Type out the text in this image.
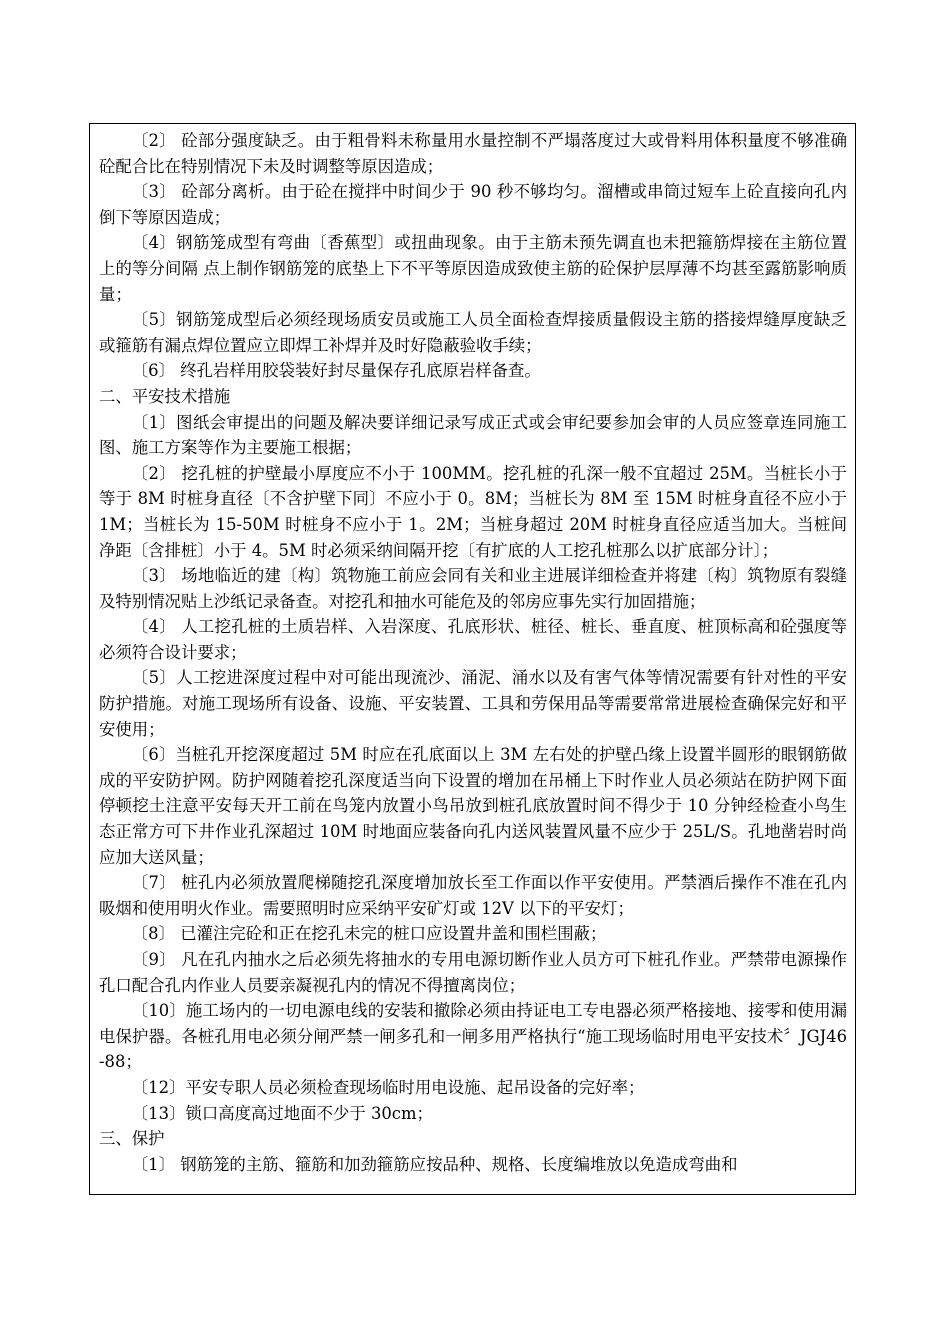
〔2〕 砼部分强度缺乏。由于粗骨料未称量用水量控制不严塌落度过大或骨料用体积量度不够准确砼配合比在特别情况下未及时调整等原因造成；

〔3〕 砼部分离析。由于砼在搅拌中时间少于 90 秒不够均匀。溜槽或串筒过短车上砼直接向孔内倒下等原因造成；

〔4〕钢筋笼成型有弯曲〔香蕉型〕或扭曲现象。由于主筋未预先调直也未把箍筋焊接在主筋位置上的等分间隔 点上制作钢筋笼的底垫上下不平等原因造成致使主筋的砼保护层厚薄不均甚至露筋影响质量；

〔5〕钢筋笼成型后必须经现场质安员或施工人员全面检查焊接质量假设主筋的搭接焊缝厚度缺乏或箍筋有漏点焊位置应立即焊工补焊并及时好隐蔽验收手续；

〔6〕 终孔岩样用胶袋装好封尽量保存孔底原岩样备查。

二、平安技术措施

〔1〕图纸会审提出的问题及解决要详细记录写成正式或会审纪要参加会审的人员应签章连同施工图、施工方案等作为主要施工根据；

〔2〕 挖孔桩的护壁最小厚度应不小于 100MM。挖孔桩的孔深一般不宜超过 25M。当桩长小于等于 8M 时桩身直径〔不含护壁下同〕不应小于 0。8M；当桩长为 8M 至 15M 时桩身直径不应小于 1M；当桩长为 15-50M 时桩身不应小于 1。2M；当桩身超过 20M 时桩身直径应适当加大。当桩间净距〔含排桩〕小于 4。5M 时必须采纳间隔开挖〔有扩底的人工挖孔桩那么以扩底部分计〕；

〔3〕 场地临近的建〔构〕筑物施工前应会同有关和业主进展详细检查并将建〔构〕筑物原有裂缝及特别情况贴上沙纸记录备查。对挖孔和抽水可能危及的邻房应事先实行加固措施；

〔4〕 人工挖孔桩的土质岩样、入岩深度、孔底形状、桩径、桩长、垂直度、桩顶标高和砼强度等必须符合设计要求；

〔5〕人工挖进深度过程中对可能出现流沙、涌泥、涌水以及有害气体等情况需要有针对性的平安防护措施。对施工现场所有设备、设施、平安装置、工具和劳保用品等需要常常进展检查确保完好和平安使用；

〔6〕当桩孔开挖深度超过 5M 时应在孔底面以上 3M 左右处的护壁凸缘上设置半圆形的眼钢筋做成的平安防护网。防护网随着挖孔深度适当向下设置的增加在吊桶上下时作业人员必须站在防护网下面停顿挖土注意平安每天开工前在鸟笼内放置小鸟吊放到桩孔底放置时间不得少于 10 分钟经检查小鸟生态正常方可下井作业孔深超过 10M 时地面应装备向孔内送风装置风量不应少于 25L/S。孔地凿岩时尚应加大送风量；

〔7〕 桩孔内必须放置爬梯随挖孔深度增加放长至工作面以作平安使用。严禁酒后操作不准在孔内吸烟和使用明火作业。需要照明时应采纳平安矿灯或 12V 以下的平安灯；

〔8〕 已灌注完砼和正在挖孔未完的桩口应设置井盖和围栏围蔽；

〔9〕 凡在孔内抽水之后必须先将抽水的专用电源切断作业人员方可下桩孔作业。严禁带电源操作孔口配合孔内作业人员要亲凝视孔内的情况不得擅离岗位；

〔10〕施工场内的一切电源电线的安装和撤除必须由持证电工专电器必须严格接地、接零和使用漏电保护器。各桩孔用电必须分闸严禁一闸多孔和一闸多用严格执行“施工现场临时用电平安技术〞JGJ46-88；

〔12〕平安专职人员必须检查现场临时用电设施、起吊设备的完好率；

〔13〕锁口高度高过地面不少于 30cm；

三、保护

〔1〕 钢筋笼的主筋、箍筋和加劲箍筋应按品种、规格、长度编堆放以免造成弯曲和
